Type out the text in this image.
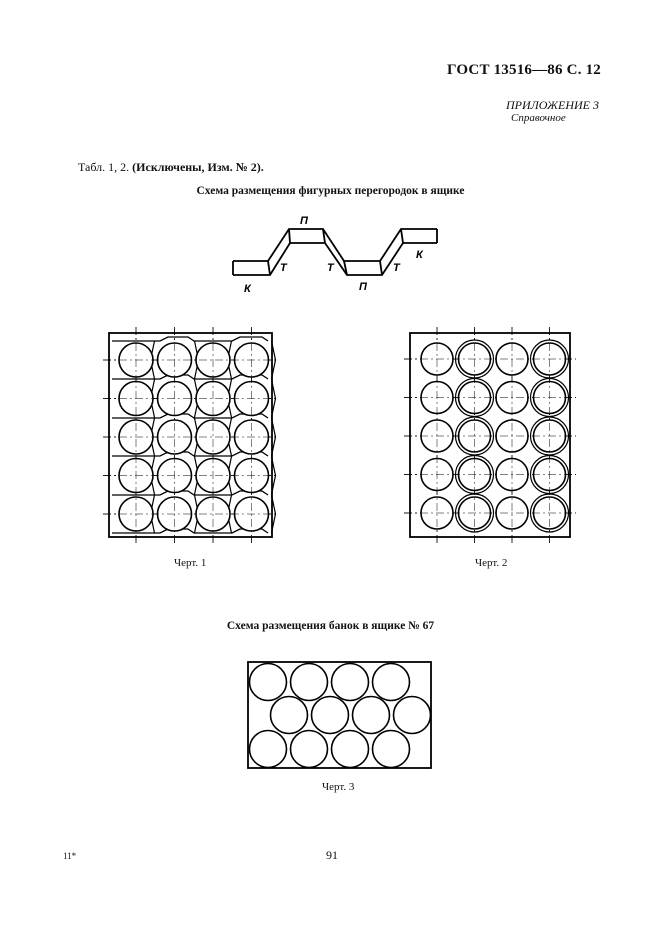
ГОСТ 13516—86 С. 12
ПРИЛОЖЕНИЕ 3
Справочное
Табл. 1, 2. (Исключены, Изм. № 2).
Схема размещения фигурных перегородок в ящике
К
Т
П
Т
П
Т
К
Черт. 1	Черт. 2
Схема размещения банок в ящике № 67
Черт. 3
11*	91
